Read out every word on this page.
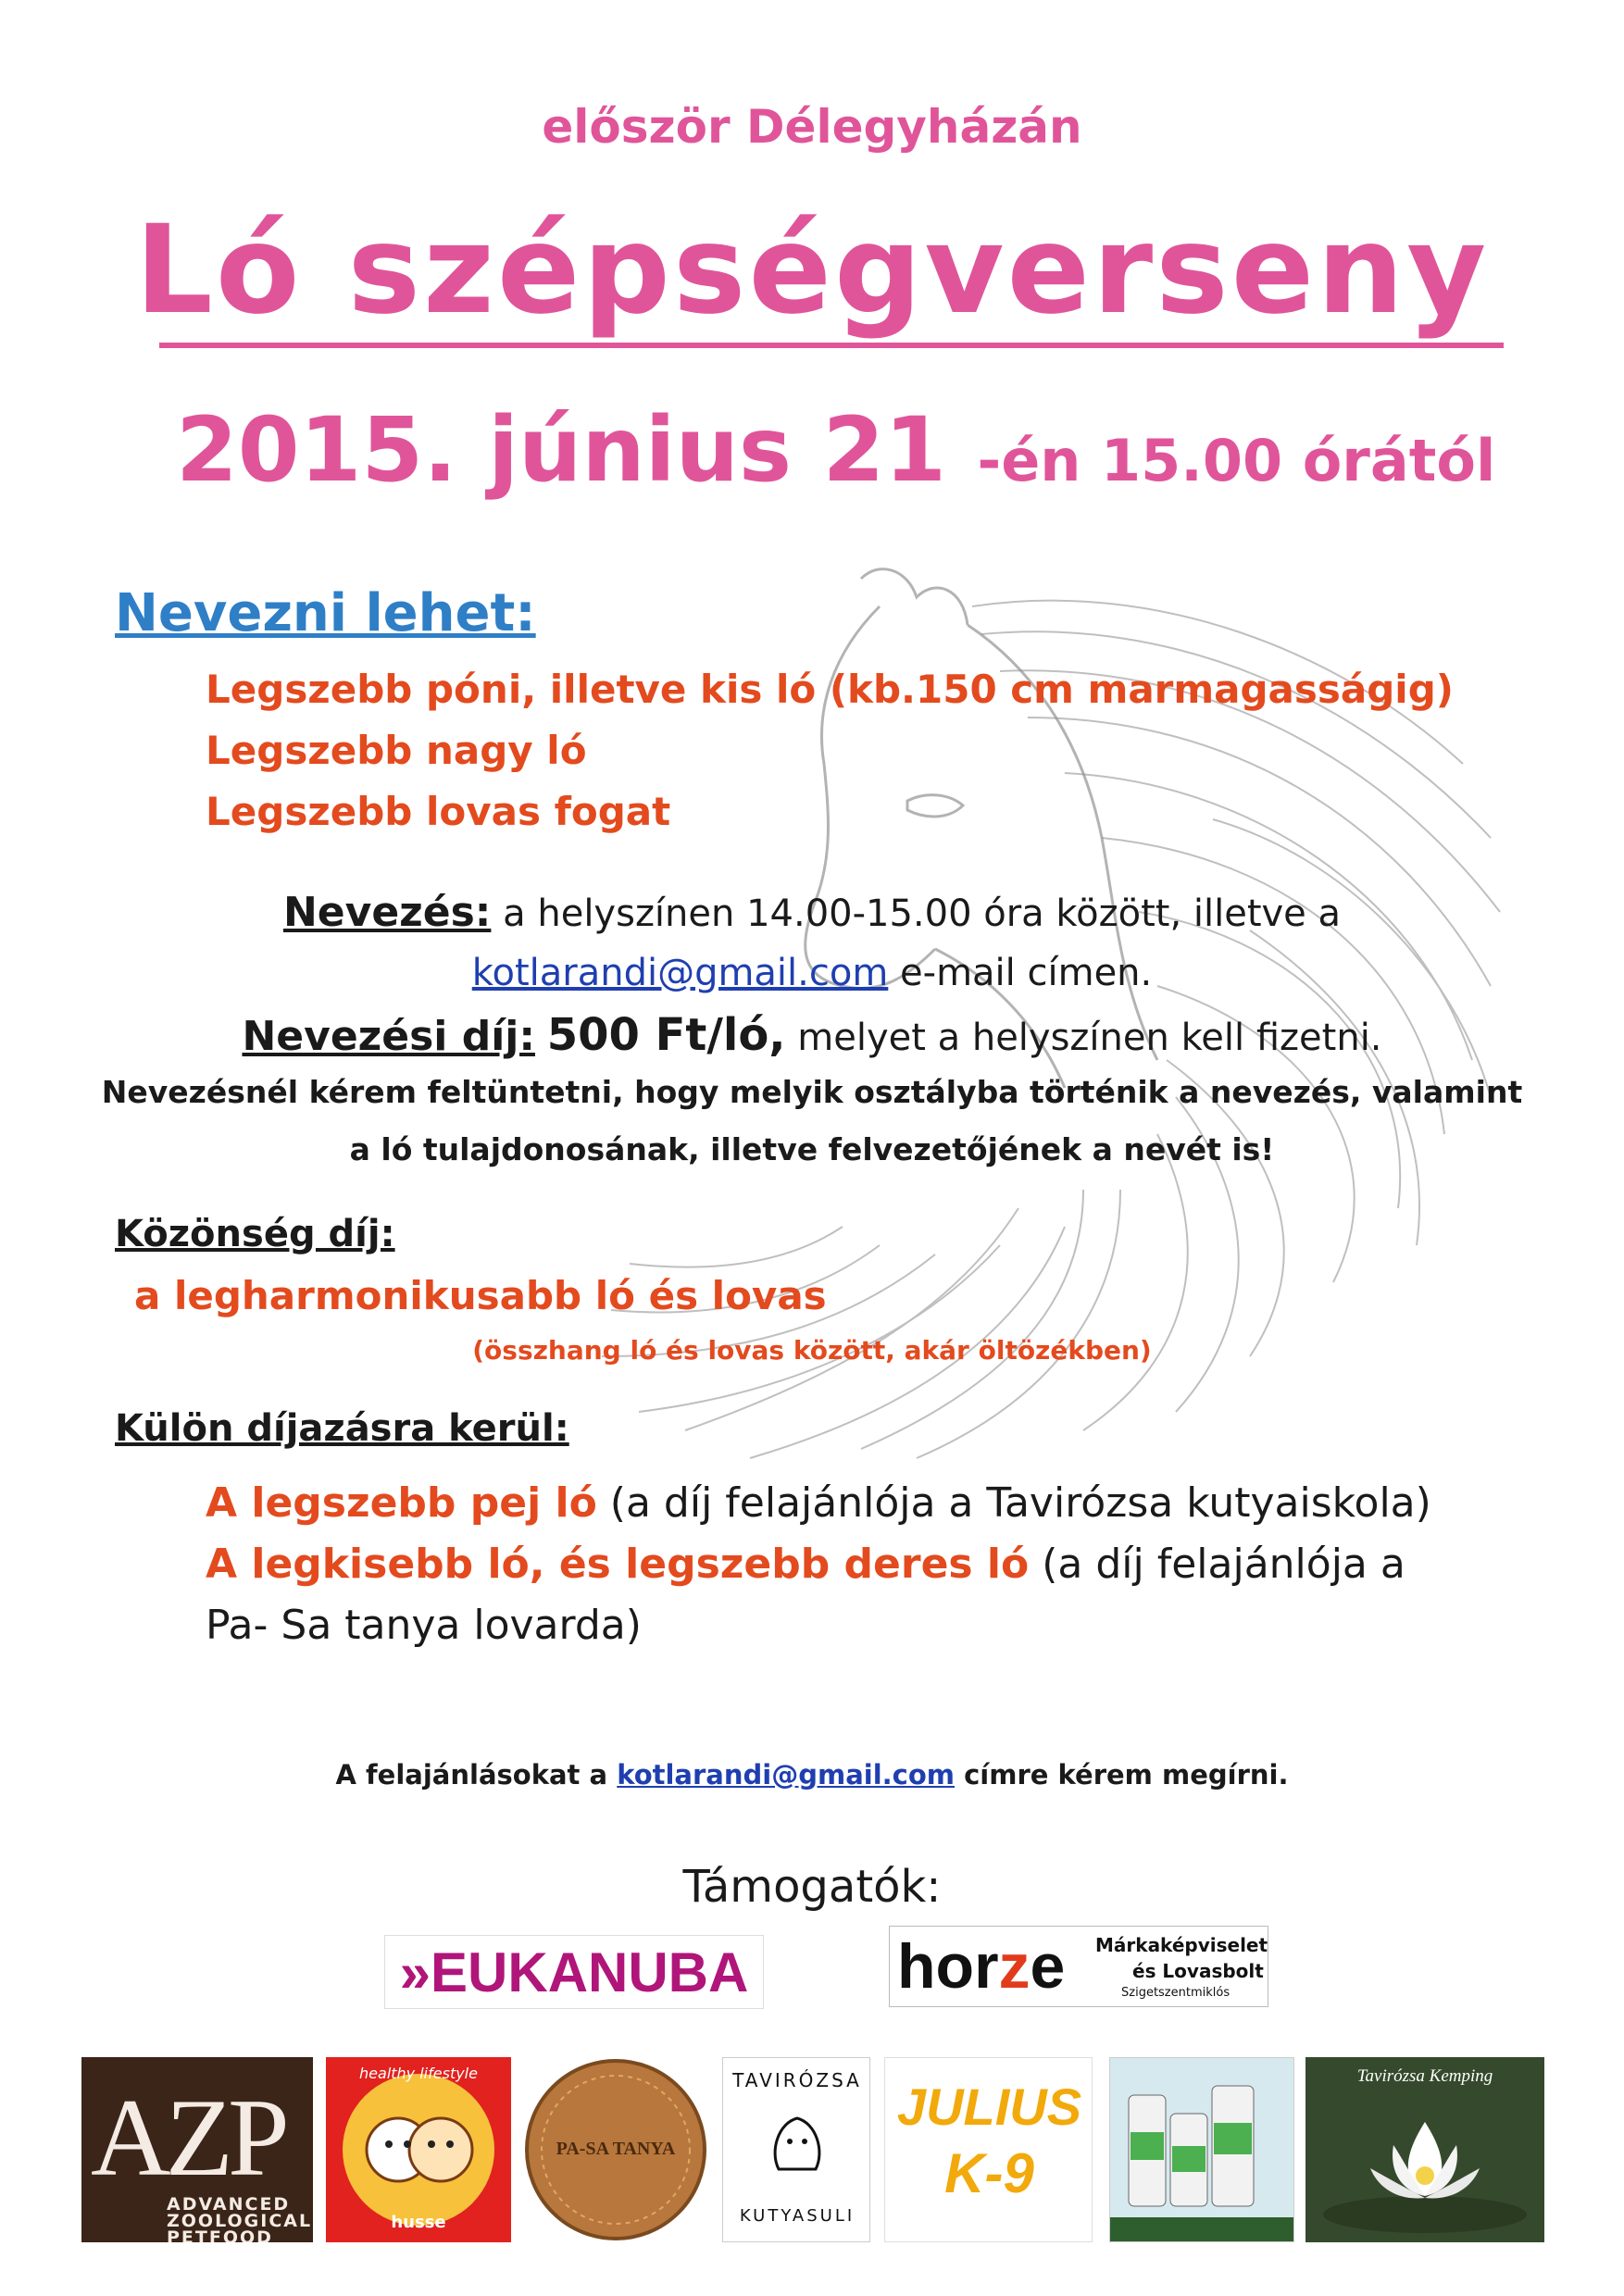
először Délegyházán
Ló szépségverseny
2015. június 21 -én 15.00 órától
Nevezni lehet:
Legszebb póni, illetve kis ló (kb.150 cm marmagasságig)
Legszebb nagy ló
Legszebb lovas fogat
Nevezés: a helyszínen 14.00-15.00 óra között, illetve a
kotlarandi@gmail.com e-mail címen.
Nevezési díj: 500 Ft/ló, melyet a helyszínen kell fizetni.
Nevezésnél kérem feltüntetni, hogy melyik osztályba történik a nevezés, valamint
a ló tulajdonosának, illetve felvezetőjének a nevét is!
Közönség díj:
a legharmonikusabb ló és lovas
(összhang ló és lovas között, akár öltözékben)
Külön díjazásra kerül:
A legszebb pej ló (a díj felajánlója a Tavirózsa kutyaiskola)
A legkisebb ló, és legszebb deres ló (a díj felajánlója a
Pa- Sa tanya lovarda)
A felajánlásokat a kotlarandi@gmail.com címre kérem megírni.
Támogatók:
»EUKANUBA horze Márkaképviselet
és Lovasbolt
Szigetszentmiklós
AZP
ADVANCED
ZOOLOGICAL
PETFOOD
healthy lifestyle
husse
PA-SA TANYA
TAVIRÓZSA
KUTYASULI
JULIUS
K-9
Tavirózsa Kemping
